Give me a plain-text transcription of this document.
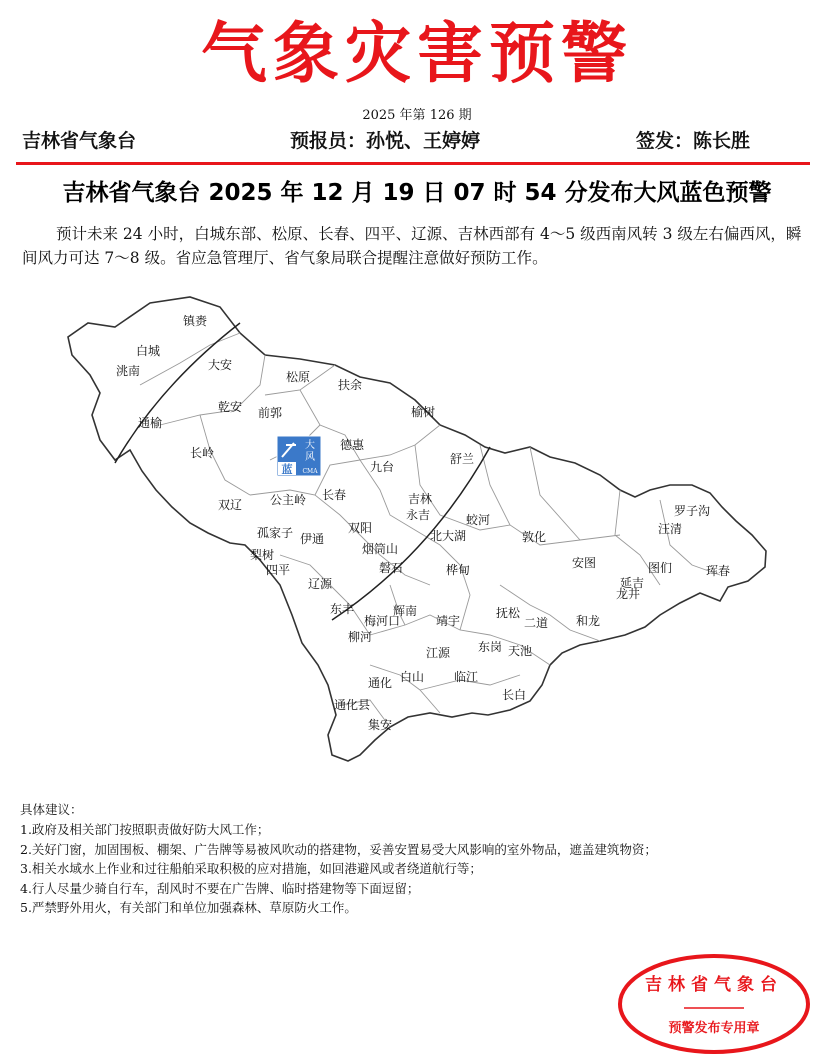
气象灾害预警
2025 年第 126 期
吉林省气象台	预报员：孙悦、王婷婷	签发：陈长胜
吉林省气象台 2025 年 12 月 19 日 07 时 54 分发布大风蓝色预警
预计未来 24 小时，白城东部、松原、长春、四平、辽源、吉林西部有 4～5 级西南风转 3 级左右偏西风，瞬间风力可达 7～8 级。省应急管理厅、省气象局联合提醒注意做好预防工作。
镇赉
白城
洮南	大安
松原
扶余
乾安 前郭
通榆
榆树
德惠
长岭	舒兰
九台
双辽 公主岭 长春	吉林
永吉	蛟河
孤家子 伊通
双阳
北大湖	敦化
罗子沟
汪清
梨树	烟筒山
四平	磐石	桦甸	安图	图们	珲春
辽源	延吉
龙井
东丰
梅河口
辉南
靖宇
抚松
和龙
柳河
二道
东岗 天池
江源
通化 白山 临江
长白
通化县
集安
大
风
蓝 CMA
具体建议：
1.政府及相关部门按照职责做好防大风工作；
2.关好门窗，加固围板、棚架、广告牌等易被风吹动的搭建物，妥善安置易受大风影响的室外物品，遮盖建筑物资；
3.相关水域水上作业和过往船舶采取积极的应对措施，如回港避风或者绕道航行等；
4.行人尽量少骑自行车，刮风时不要在广告牌、临时搭建物等下面逗留；
5.严禁野外用火，有关部门和单位加强森林、草原防火工作。
吉林省气象台
预警发布专用章
